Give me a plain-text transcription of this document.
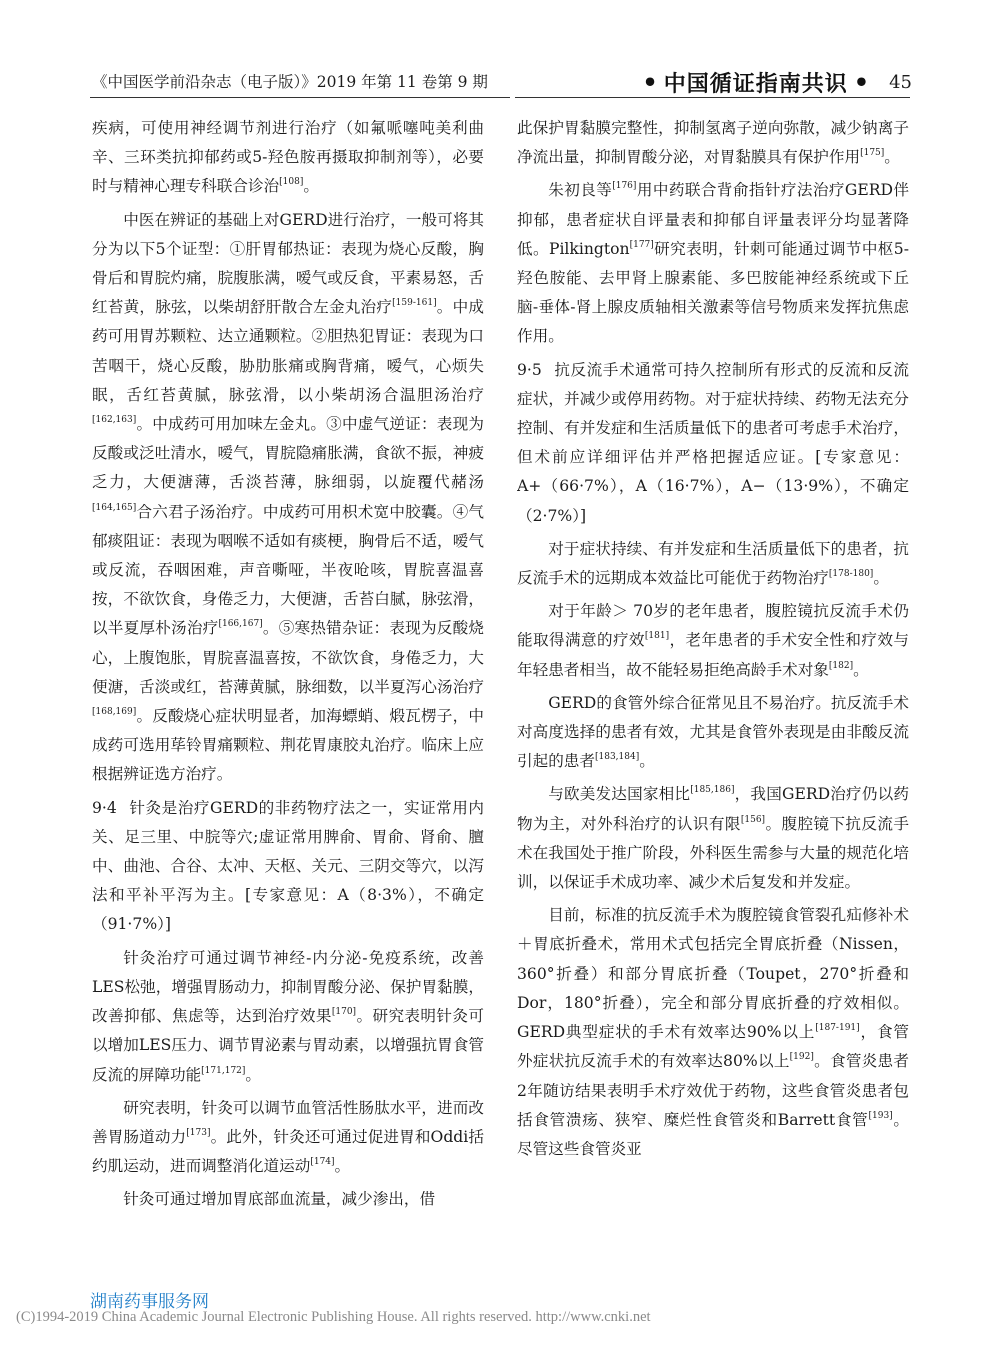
《中国医学前沿杂志（电子版）》2019 年第 11 卷第 9 期	• 中国循证指南共识 •	45

疾病，可使用神经调节剂进行治疗（如氟哌噻吨美利曲辛、三环类抗抑郁药或5-羟色胺再摄取抑制剂等），必要时与精神心理专科联合诊治[108]。

中医在辨证的基础上对GERD进行治疗，一般可将其分为以下5个证型：①肝胃郁热证：表现为烧心反酸，胸骨后和胃脘灼痛，脘腹胀满，嗳气或反食，平素易怒，舌红苔黄，脉弦，以柴胡舒肝散合左金丸治疗[159-161]。中成药可用胃苏颗粒、达立通颗粒。②胆热犯胃证：表现为口苦咽干，烧心反酸，胁肋胀痛或胸背痛，嗳气，心烦失眠，舌红苔黄腻，脉弦滑，以小柴胡汤合温胆汤治疗[162,163]。中成药可用加味左金丸。③中虚气逆证：表现为反酸或泛吐清水，嗳气，胃脘隐痛胀满，食欲不振，神疲乏力，大便溏薄，舌淡苔薄，脉细弱，以旋覆代赭汤[164,165]合六君子汤治疗。中成药可用枳术宽中胶囊。④气郁痰阻证：表现为咽喉不适如有痰梗，胸骨后不适，嗳气或反流，吞咽困难，声音嘶哑，半夜呛咳，胃脘喜温喜按，不欲饮食，身倦乏力，大便溏，舌苔白腻，脉弦滑，以半夏厚朴汤治疗[166,167]。⑤寒热错杂证：表现为反酸烧心，上腹饱胀，胃脘喜温喜按，不欲饮食，身倦乏力，大便溏，舌淡或红，苔薄黄腻，脉细数，以半夏泻心汤治疗[168,169]。反酸烧心症状明显者，加海螵蛸、煅瓦楞子，中成药可选用荜铃胃痛颗粒、荆花胃康胶丸治疗。临床上应根据辨证选方治疗。

9·4 针灸是治疗GERD的非药物疗法之一，实证常用内关、足三里、中脘等穴;虚证常用脾俞、胃俞、肾俞、膻中、曲池、合谷、太冲、天枢、关元、三阴交等穴，以泻法和平补平泻为主。[专家意见：A（8·3%），不确定（91·7%）]

针灸治疗可通过调节神经-内分泌-免疫系统，改善LES松弛，增强胃肠动力，抑制胃酸分泌、保护胃黏膜，改善抑郁、焦虑等，达到治疗效果[170]。研究表明针灸可以增加LES压力、调节胃泌素与胃动素，以增强抗胃食管反流的屏障功能[171,172]。

研究表明，针灸可以调节血管活性肠肽水平，进而改善胃肠道动力[173]。此外，针灸还可通过促进胃和Oddi括约肌运动，进而调整消化道运动[174]。

针灸可通过增加胃底部血流量，减少渗出，借

此保护胃黏膜完整性，抑制氢离子逆向弥散，减少钠离子净流出量，抑制胃酸分泌，对胃黏膜具有保护作用[175]。

朱初良等[176]用中药联合背俞指针疗法治疗GERD伴抑郁，患者症状自评量表和抑郁自评量表评分均显著降低。Pilkington[177]研究表明，针刺可能通过调节中枢5-羟色胺能、去甲肾上腺素能、多巴胺能神经系统或下丘脑-垂体-肾上腺皮质轴相关激素等信号物质来发挥抗焦虑作用。

9·5 抗反流手术通常可持久控制所有形式的反流和反流症状，并减少或停用药物。对于症状持续、药物无法充分控制、有并发症和生活质量低下的患者可考虑手术治疗，但术前应详细评估并严格把握适应证。[专家意见：A+（66·7%），A（16·7%），A−（13·9%），不确定（2·7%）]

对于症状持续、有并发症和生活质量低下的患者，抗反流手术的远期成本效益比可能优于药物治疗[178-180]。

对于年龄＞ 70岁的老年患者，腹腔镜抗反流手术仍能取得满意的疗效[181]，老年患者的手术安全性和疗效与年轻患者相当，故不能轻易拒绝高龄手术对象[182]。

GERD的食管外综合征常见且不易治疗。抗反流手术对高度选择的患者有效，尤其是食管外表现是由非酸反流引起的患者[183,184]。

与欧美发达国家相比[185,186]，我国GERD治疗仍以药物为主，对外科治疗的认识有限[156]。腹腔镜下抗反流手术在我国处于推广阶段，外科医生需参与大量的规范化培训，以保证手术成功率、减少术后复发和并发症。

目前，标准的抗反流手术为腹腔镜食管裂孔疝修补术＋胃底折叠术，常用术式包括完全胃底折叠（Nissen，360°折叠）和部分胃底折叠（Toupet，270°折叠和Dor，180°折叠），完全和部分胃底折叠的疗效相似。GERD典型症状的手术有效率达90%以上[187-191]，食管外症状抗反流手术的有效率达80%以上[192]。食管炎患者2年随访结果表明手术疗效优于药物，这些食管炎患者包括食管溃疡、狭窄、糜烂性食管炎和Barrett食管[193]。尽管这些食管炎亚

湖南药事服务网
(C)1994-2019 China Academic Journal Electronic Publishing House. All rights reserved. http://www.cnki.net
